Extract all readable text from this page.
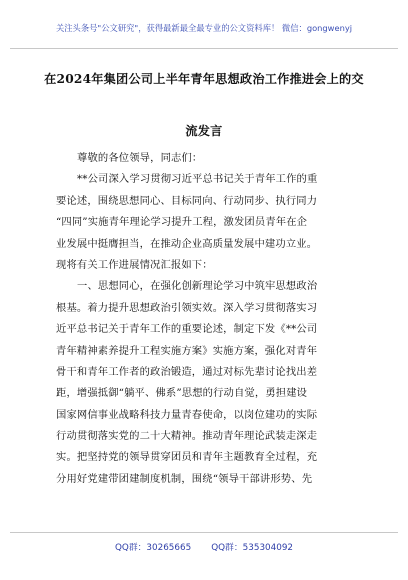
关注头条号"公文研究"，获得最新最全最专业的公文资料库！ 微信：gongwenyj
在2024年集团公司上半年青年思想政治工作推进会上的交
流发言
尊敬的各位领导，同志们：
**公司深入学习贯彻习近平总书记关于青年工作的重
要论述，围绕思想同心、目标同向、行动同步、执行同力
“四同”实施青年理论学习提升工程，激发团员青年在企
业发展中挺膺担当，在推动企业高质量发展中建功立业。
现将有关工作进展情况汇报如下：
一、思想同心，在强化创新理论学习中筑牢思想政治
根基。着力提升思想政治引领实效。深入学习贯彻落实习
近平总书记关于青年工作的重要论述，制定下发《**公司
青年精神素养提升工程实施方案》实施方案，强化对青年
骨干和青年工作者的政治锻造，通过对标先辈讨论找出差
距，增强抵御“躺平、佛系”思想的行动自觉，勇担建设
国家网信事业战略科技力量青春使命，以岗位建功的实际
行动贯彻落实党的二十大精神。推动青年理论武装走深走
实。把坚持党的领导贯穿团员和青年主题教育全过程，充
分用好党建带团建制度机制，围绕“领导干部讲形势、先
QQ群：30265665 QQ群：535304092
